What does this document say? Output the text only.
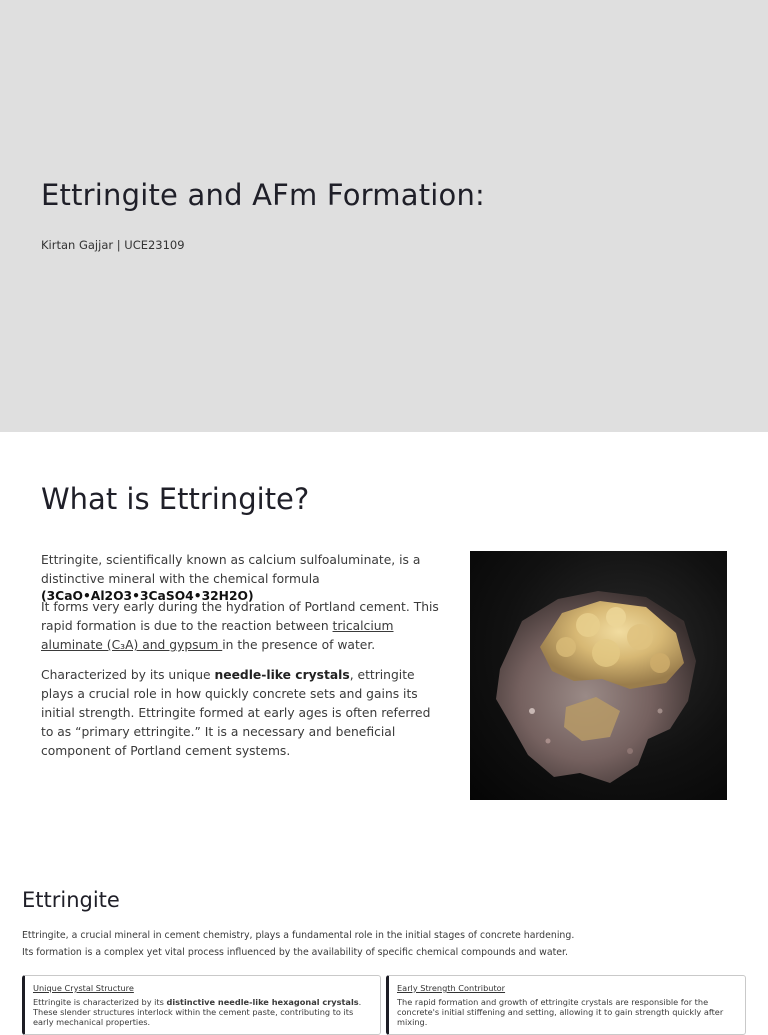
Ettringite and AFm Formation:

Kirtan Gajjar | UCE23109

What is Ettringite?

Ettringite, scientifically known as calcium sulfoaluminate, is a distinctive mineral with the chemical formula
(3CaO•Al2O3•3CaSO4•32H2O)

It forms very early during the hydration of Portland cement. This rapid formation is due to the reaction between tricalcium aluminate (C₃A) and gypsum in the presence of water.

Characterized by its unique needle-like crystals, ettringite plays a crucial role in how quickly concrete sets and gains its initial strength. Ettringite formed at early ages is often referred to as “primary ettringite.” It is a necessary and beneficial component of Portland cement systems.

Ettringite

Ettringite, a crucial mineral in cement chemistry, plays a fundamental role in the initial stages of concrete hardening.

Its formation is a complex yet vital process influenced by the availability of specific chemical compounds and water.

Unique Crystal Structure

Ettringite is characterized by its distinctive needle-like hexagonal crystals. These slender structures interlock within the cement paste, contributing to its early mechanical properties.

Early Strength Contributor

The rapid formation and growth of ettringite crystals are responsible for the concrete's initial stiffening and setting, allowing it to gain strength quickly after mixing.
